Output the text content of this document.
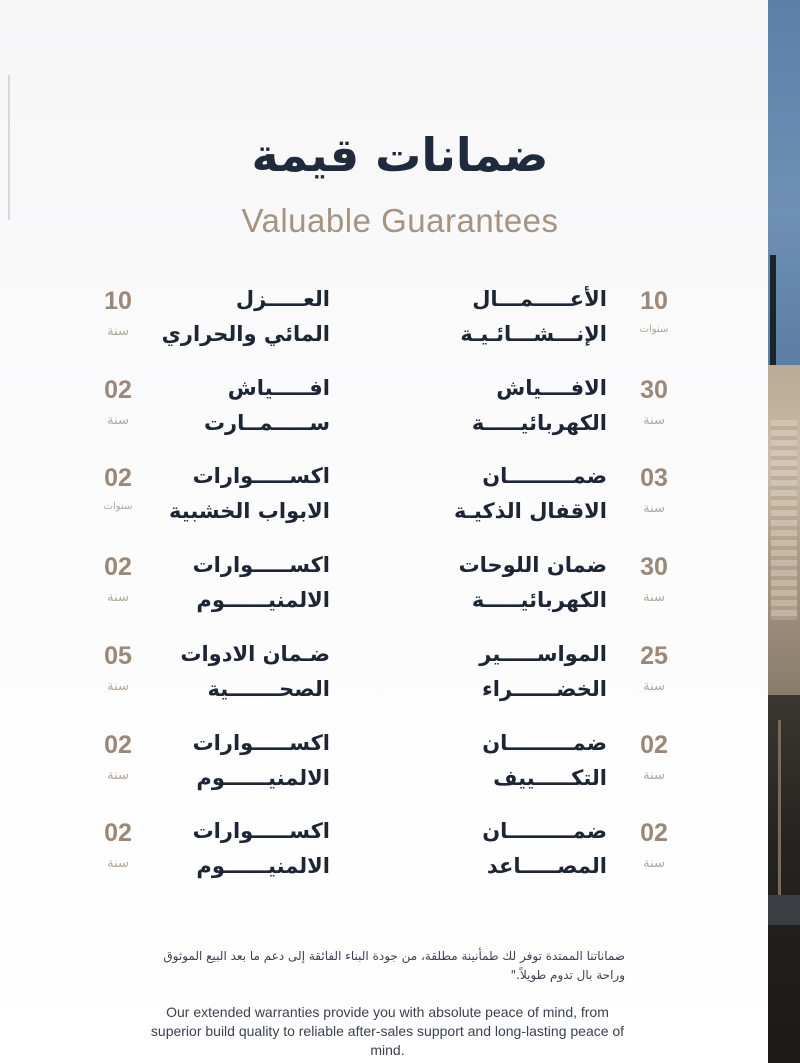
ضمانات قيمة
Valuable Guarantees
10
سنة
العـــــزل
المائي والحراري
02
سنة
افـــــياش
ســـــمــارت
02
سنوات
اكســـــوارات
الابواب الخشبية
02
سنة
اكســـــوارات
الالمنيــــــوم
05
سنة
ضـمان الادوات
الصحـــــــية
02
سنة
اكســـــوارات
الالمنيــــــوم
02
سنة
اكســـــوارات
الالمنيــــــوم
10
سنوات
الأعـــــمـــال
الإنـــشـــائـيـة
30
سنة
الافــــياش
الكهربائيـــــة
03
سنة
ضمـــــــــان
الاقفال الذكيـة
30
سنة
ضمان اللوحات
الكهربائيـــــة
25
سنة
المواســـــير
الخضــــــراء
02
سنة
ضمـــــــــان
التكـــــييف
02
سنة
ضمـــــــــان
المصـــــاعد
ضماناتنا الممتدة توفر لك طمأنينة مطلقة، من جودة البناء الفائقة إلى دعم ما بعد البيع الموثوق وراحة بال تدوم طويلاً."
Our extended warranties provide you with absolute peace of mind, from superior build quality to reliable after-sales support and long-lasting peace of mind.
